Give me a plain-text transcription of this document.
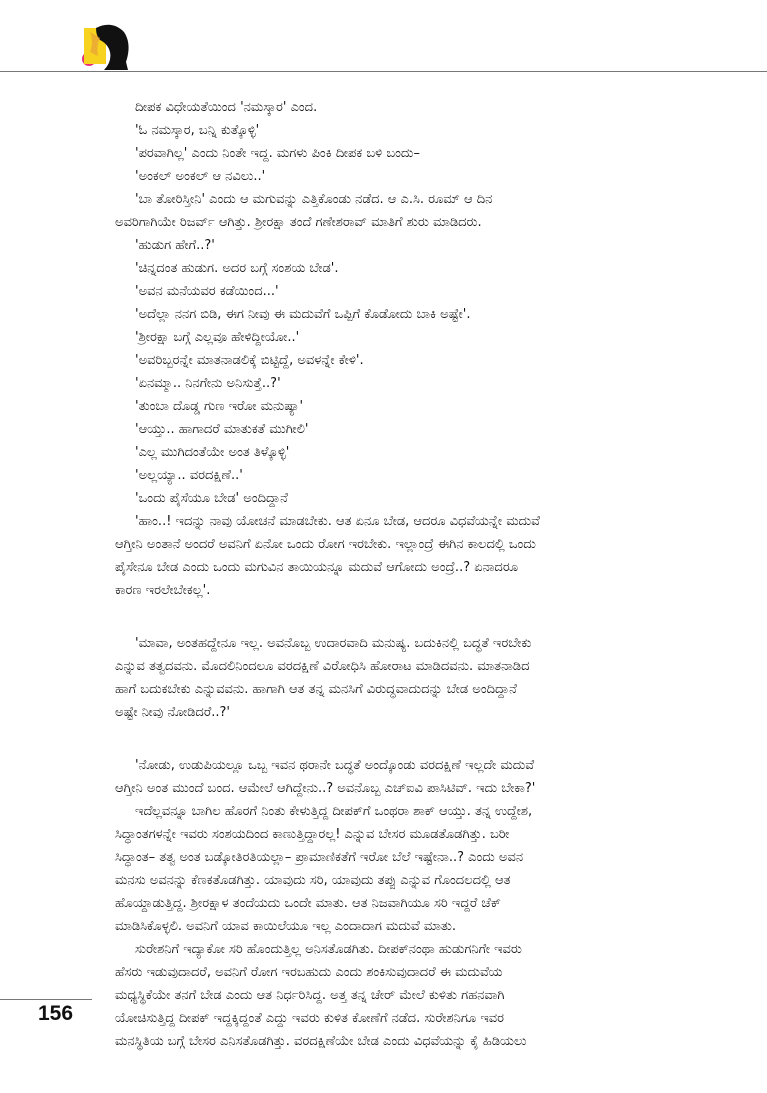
ದೀಪಕ ವಿಧೇಯತೆಯಿಂದ 'ನಮಸ್ಕಾರ' ಎಂದ.

'ಓ ನಮಸ್ಕಾರ, ಬನ್ನಿ ಕುತ್ಕೊಳ್ಳಿ'

'ಪರವಾಗಿಲ್ಲ' ಎಂದು ನಿಂತೇ ಇದ್ದ. ಮಗಳು ಪಿಂಕಿ ದೀಪಕ ಬಳಿ ಬಂದು–

'ಅಂಕಲ್ ಅಂಕಲ್ ಆ ನವಿಲು..'

'ಬಾ ತೋರಿಸ್ತೀನಿ' ಎಂದು ಆ ಮಗುವನ್ನು ಎತ್ತಿಕೊಂಡು ನಡೆದ. ಆ ಎ.ಸಿ. ರೂಮ್ ಆ ದಿನ

ಅವರಿಗಾಗಿಯೇ ರಿಜರ್ವ್ ಆಗಿತ್ತು. ಶ್ರೀರಕ್ಷಾ ತಂದೆ ಗಣೇಶರಾವ್ ಮಾತಿಗೆ ಶುರು ಮಾಡಿದರು.

'ಹುಡುಗ ಹೇಗೆ..?'

'ಚಿನ್ನದಂತ ಹುಡುಗ. ಅದರ ಬಗ್ಗೆ ಸಂಶಯ ಬೇಡ'.

'ಅವನ ಮನೆಯವರ ಕಡೆಯಿಂದ...'

'ಅದೆಲ್ಲಾ ನನಗ ಬಿಡಿ, ಈಗ ನೀವು ಈ ಮದುವೆಗೆ ಒಪ್ಪಿಗೆ ಕೊಡೋದು ಬಾಕಿ ಅಷ್ಟೇ'.

'ಶ್ರೀರಕ್ಷಾ ಬಗ್ಗೆ ಎಲ್ಲವೂ ಹೇಳಿದ್ದೀಯೋ..'

'ಅವರಿಬ್ಬರನ್ನೇ ಮಾತನಾಡಲಿಕ್ಕೆ ಬಿಟ್ಟಿದ್ದೆ, ಅವಳನ್ನೇ ಕೇಳಿ'.

'ಏನಮ್ಮಾ.. ನಿನಗೇನು ಅನಿಸುತ್ತೆ..?'

'ತುಂಬಾ ದೊಡ್ಡ ಗುಣ ಇರೋ ಮನುಷ್ಯಾ'

'ಆಯ್ತು.. ಹಾಗಾದರೆ ಮಾತುಕತೆ ಮುಗೀಲಿ'

'ಎಲ್ಲ ಮುಗಿದಂತೆಯೇ ಅಂತ ತಿಳ್ಕೊಳ್ಳಿ'

'ಅಲ್ಲಯ್ಯಾ.. ವರದಕ್ಷಿಣೆ..'

'ಒಂದು ಪೈಸೆಯೂ ಬೇಡ' ಅಂದಿದ್ದಾನೆ

'ಹಾಂ..! ಇದನ್ನು ನಾವು ಯೋಚನೆ ಮಾಡಬೇಕು. ಆತ ಏನೂ ಬೇಡ, ಆದರೂ ವಿಧವೆಯನ್ನೇ ಮದುವೆ

ಆಗ್ತೀನಿ ಅಂತಾನೆ ಅಂದರೆ ಅವನಿಗೆ ಏನೋ ಒಂದು ರೋಗ ಇರಬೇಕು. ಇಲ್ಲಾಂದ್ರೆ ಈಗಿನ ಕಾಲದಲ್ಲಿ ಒಂದು

ಪೈಸೇನೂ ಬೇಡ ಎಂದು ಒಂದು ಮಗುವಿನ ತಾಯಿಯನ್ನೂ ಮದುವೆ ಆಗೋದು ಅಂದ್ರೆ..? ಏನಾದರೂ

ಕಾರಣ ಇರಲೇಬೇಕಲ್ಲ'.

'ಮಾವಾ, ಅಂತಹದ್ದೇನೂ ಇಲ್ಲ. ಅವನೊಬ್ಬ ಉದಾರವಾದಿ ಮನುಷ್ಯ. ಬದುಕಿನಲ್ಲಿ ಬದ್ಧತೆ ಇರಬೇಕು

ಎನ್ನುವ ತತ್ವದವನು. ಮೊದಲಿನಿಂದಲೂ ವರದಕ್ಷಿಣೆ ವಿರೋಧಿಸಿ ಹೋರಾಟ ಮಾಡಿದವನು. ಮಾತನಾಡಿದ

ಹಾಗೆ ಬದುಕಬೇಕು ಎನ್ನುವವನು. ಹಾಗಾಗಿ ಆತ ತನ್ನ ಮನಸಿಗೆ ವಿರುದ್ಧವಾದುದನ್ನು ಬೇಡ ಅಂದಿದ್ದಾನೆ

ಅಷ್ಟೇ ನೀವು ನೋಡಿದರೆ..?'

'ನೋಡು, ಉಡುಪಿಯಲ್ಲೂ ಒಬ್ಬ ಇವನ ಥರಾನೇ ಬದ್ಧತೆ ಅಂದ್ಕೊಂಡು ವರದಕ್ಷಿಣೆ ಇಲ್ಲದೇ ಮದುವೆ

ಆಗ್ತೀನಿ ಅಂತ ಮುಂದೆ ಬಂದ. ಆಮೇಲೆ ಆಗಿದ್ದೇನು..? ಅವನೊಬ್ಬ ಎಚ್ಐವಿ ಪಾಸಿಟಿವ್. ಇದು ಬೇಕಾ?'

ಇದೆಲ್ಲವನ್ನೂ ಬಾಗಿಲ ಹೊರಗೆ ನಿಂತು ಕೇಳುತ್ತಿದ್ದ ದೀಪಕ್‌ಗೆ ಒಂಥರಾ ಶಾಕ್ ಆಯ್ತು. ತನ್ನ ಉದ್ದೇಶ,

ಸಿದ್ಧಾಂತಗಳನ್ನೇ ಇವರು ಸಂಶಯದಿಂದ ಕಾಣುತ್ತಿದ್ದಾರಲ್ಲ! ಎನ್ನುವ ಬೇಸರ ಮೂಡತೊಡಗಿತ್ತು. ಬರೀ

ಸಿದ್ಧಾಂತ– ತತ್ವ ಅಂತ ಬಡ್ಕೋತಿರತಿಯಲ್ಲಾ– ಪ್ರಾಮಾಣಿಕತೆಗೆ ಇರೋ ಬೆಲೆ ಇಷ್ಟೇನಾ..? ಎಂದು ಅವನ

ಮನಸು ಅವನನ್ನು ಕೆಣಕತೊಡಗಿತ್ತು. ಯಾವುದು ಸರಿ, ಯಾವುದು ತಪ್ಪು ಎನ್ನುವ ಗೊಂದಲದಲ್ಲಿ ಆತ

ಹೊಯ್ದಾಡುತ್ತಿದ್ದ. ಶ್ರೀರಕ್ಷಾಳ ತಂದೆಯದು ಒಂದೇ ಮಾತು. ಆತ ನಿಜವಾಗಿಯೂ ಸರಿ ಇದ್ದರೆ ಚೆಕ್

ಮಾಡಿಸಿಕೊಳ್ಳಲಿ. ಅವನಿಗೆ ಯಾವ ಕಾಯಿಲೆಯೂ ಇಲ್ಲ ಎಂದಾದಾಗ ಮದುವೆ ಮಾತು.

ಸುರೇಶನಿಗೆ ಇದ್ಯಾಕೋ ಸರಿ ಹೊಂದುತ್ತಿಲ್ಲ ಅನಿಸತೊಡಗಿತು. ದೀಪಕ್‌ನಂಥಾ ಹುಡುಗನಿಗೇ ಇವರು

ಹೆಸರು ಇಡುವುದಾದರೆ, ಅವನಿಗೆ ರೋಗ ಇರಬಹುದು ಎಂದು ಶಂಕಿಸುವುದಾದರೆ ಈ ಮದುವೆಯ

ಮಧ್ಯಸ್ಥಿಕೆಯೇ ತನಗೆ ಬೇಡ ಎಂದು ಆತ ನಿರ್ಧರಿಸಿದ್ದ. ಅತ್ತ ತನ್ನ ಚೇರ್ ಮೇಲೆ ಕುಳಿತು ಗಹನವಾಗಿ

ಯೋಚಿಸುತ್ತಿದ್ದ ದೀಪಕ್ ಇದ್ದಕ್ಕಿದ್ದಂತೆ ಎದ್ದು ಇವರು ಕುಳಿತ ಕೋಣೆಗೆ ನಡೆದ. ಸುರೇಶನಿಗೂ ಇವರ

ಮನಸ್ಥಿತಿಯ ಬಗ್ಗೆ ಬೇಸರ ಎನಿಸತೊಡಗಿತ್ತು. ವರದಕ್ಷಿಣೆಯೇ ಬೇಡ ಎಂದು ವಿಧವೆಯನ್ನು ಕೈ ಹಿಡಿಯಲು

156
